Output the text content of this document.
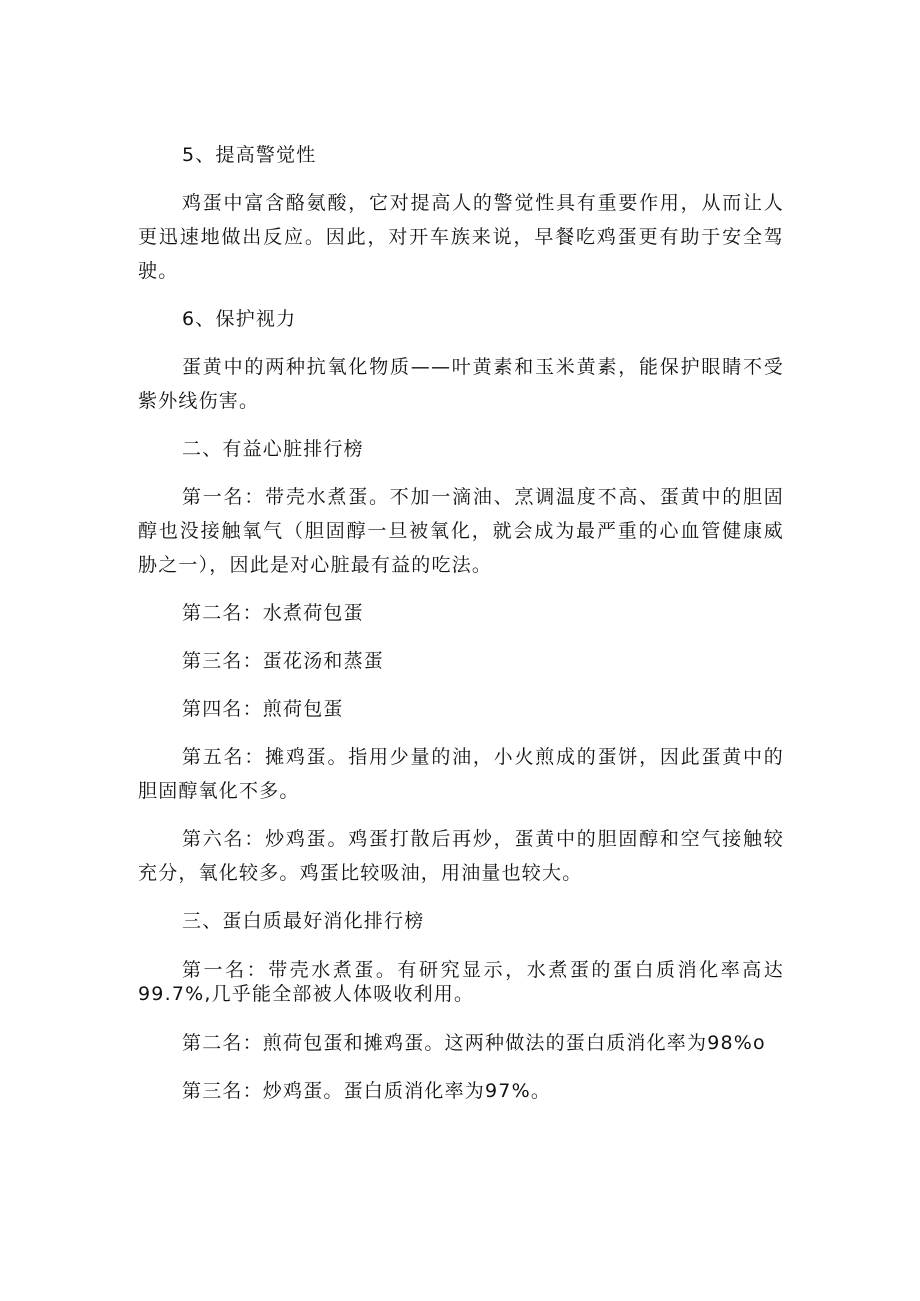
5、提高警觉性

鸡蛋中富含酪氨酸，它对提高人的警觉性具有重要作用，从而让人更迅速地做出反应。因此，对开车族来说，早餐吃鸡蛋更有助于安全驾驶。

6、保护视力

蛋黄中的两种抗氧化物质——叶黄素和玉米黄素，能保护眼睛不受紫外线伤害。

二、有益心脏排行榜

第一名：带壳水煮蛋。不加一滴油、烹调温度不高、蛋黄中的胆固醇也没接触氧气（胆固醇一旦被氧化，就会成为最严重的心血管健康威胁之一），因此是对心脏最有益的吃法。

第二名：水煮荷包蛋

第三名：蛋花汤和蒸蛋

第四名：煎荷包蛋

第五名：摊鸡蛋。指用少量的油，小火煎成的蛋饼，因此蛋黄中的胆固醇氧化不多。

第六名：炒鸡蛋。鸡蛋打散后再炒，蛋黄中的胆固醇和空气接触较充分，氧化较多。鸡蛋比较吸油，用油量也较大。

三、蛋白质最好消化排行榜

第一名：带壳水煮蛋。有研究显示，水煮蛋的蛋白质消化率高达99.7%,几乎能全部被人体吸收利用。

第二名：煎荷包蛋和摊鸡蛋。这两种做法的蛋白质消化率为98%o

第三名：炒鸡蛋。蛋白质消化率为97%。
